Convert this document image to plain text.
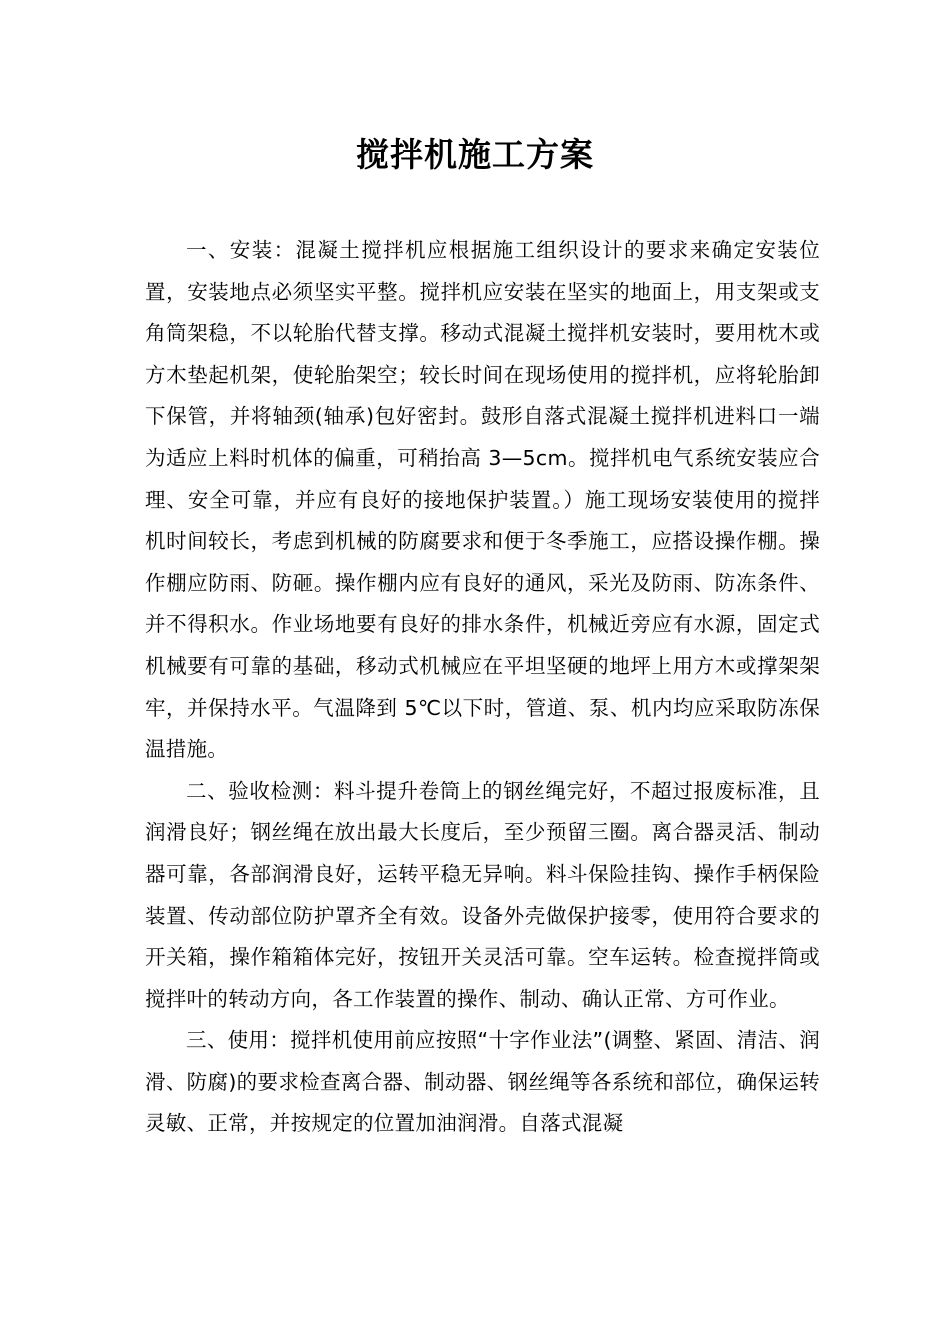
搅拌机施工方案

一、安装：混凝土搅拌机应根据施工组织设计的要求来确定安装位置，安装地点必须坚实平整。搅拌机应安装在坚实的地面上，用支架或支角筒架稳，不以轮胎代替支撑。移动式混凝土搅拌机安装时，要用枕木或方木垫起机架，使轮胎架空；较长时间在现场使用的搅拌机，应将轮胎卸下保管，并将轴颈(轴承)包好密封。鼓形自落式混凝土搅拌机进料口一端为适应上料时机体的偏重，可稍抬高 3—5cm。搅拌机电气系统安装应合理、安全可靠，并应有良好的接地保护装置。）施工现场安装使用的搅拌机时间较长，考虑到机械的防腐要求和便于冬季施工，应搭设操作棚。操作棚应防雨、防砸。操作棚内应有良好的通风，采光及防雨、防冻条件、并不得积水。作业场地要有良好的排水条件，机械近旁应有水源，固定式机械要有可靠的基础，移动式机械应在平坦坚硬的地坪上用方木或撑架架牢，并保持水平。气温降到 5℃以下时，管道、泵、机内均应采取防冻保温措施。

二、验收检测：料斗提升卷筒上的钢丝绳完好，不超过报废标准，且润滑良好；钢丝绳在放出最大长度后，至少预留三圈。离合器灵活、制动器可靠，各部润滑良好，运转平稳无异响。料斗保险挂钩、操作手柄保险装置、传动部位防护罩齐全有效。设备外壳做保护接零，使用符合要求的开关箱，操作箱箱体完好，按钮开关灵活可靠。空车运转。检查搅拌筒或搅拌叶的转动方向，各工作装置的操作、制动、确认正常、方可作业。

三、使用：搅拌机使用前应按照“十字作业法”(调整、紧固、清洁、润滑、防腐)的要求检查离合器、制动器、钢丝绳等各系统和部位，确保运转灵敏、正常，并按规定的位置加油润滑。自落式混凝
